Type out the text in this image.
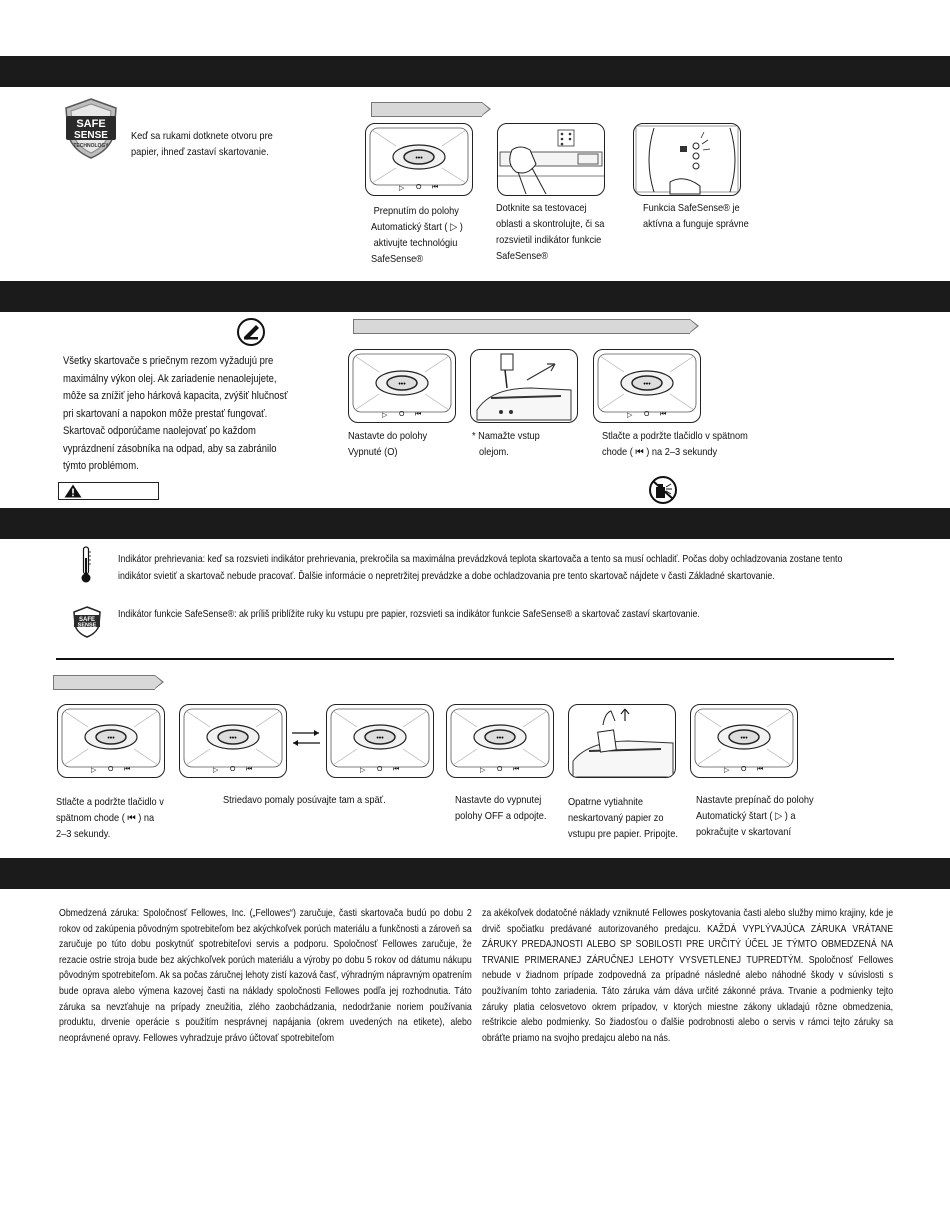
SAFE
SENSE
TECHNOLOGY
Keď sa rukami dotknete otvoru pre papier, ihneď zastaví skartovanie.
•••
▷ O ⏮
Prepnutím do polohy
Automatický štart ( ▷ )
aktivujte technológiu
SafeSense®
Dotknite sa testovacej
oblasti a skontrolujte, či sa
rozsvietil indikátor funkcie
SafeSense®
Funkcia SafeSense® je
aktívna a funguje správne
Všetky skartovače s priečnym rezom vyžadujú pre
maximálny výkon olej. Ak zariadenie nenaolejujete,
môže sa znížiť jeho hárková kapacita, zvýšiť hlučnosť
pri skartovaní a napokon môže prestať fungovať.
Skartovač odporúčame naolejovať po každom
vyprázdnení zásobníka na odpad, aby sa zabránilo
týmto problémom.
•••
▷ O ⏮
•••
▷ O ⏮
Nastavte do polohy
Vypnuté (O)
* Namažte vstup
olejom.
Stlačte a podržte tlačidlo v spätnom
chode ( ⏮ ) na 2–3 sekundy
Indikátor prehrievania: keď sa rozsvieti indikátor prehrievania, prekročila sa maximálna prevádzková teplota skartovača a tento sa musí ochladiť. Počas doby ochladzovania zostane tento
indikátor svietiť a skartovač nebude pracovať. Ďalšie informácie o nepretržitej prevádzke a dobe ochladzovania pre tento skartovač nájdete v časti Základné skartovanie.
SAFE
SENSE
Indikátor funkcie SafeSense®: ak príliš priblížite ruky ku vstupu pre papier, rozsvieti sa indikátor funkcie SafeSense® a skartovač zastaví skartovanie.
•••
▷ O ⏮
•••
▷ O ⏮
•••
▷ O ⏮
•••
▷ O ⏮
•••
▷ O ⏮
Stlačte a podržte tlačidlo v
spätnom chode ( ⏮ ) na
2–3 sekundy.
Striedavo pomaly posúvajte tam a späť.	Nastavte do vypnutej
polohy OFF a odpojte.
Opatrne vytiahnite
neskartovaný papier zo
vstupu pre papier. Pripojte.
Nastavte prepínač do polohy
Automatický štart ( ▷ ) a
pokračujte v skartovaní
Obmedzená záruka: Spoločnosť Fellowes, Inc. („Fellowes“) zaručuje, časti skartovača budú po dobu 2 rokov od zakúpenia pôvodným spotrebiteľom bez akýchkoľvek porúch materiálu a funkčnosti a zároveň sa zaručuje po túto dobu poskytnúť spotrebiteľovi servis a podporu. Spoločnosť Fellowes zaručuje, že rezacie ostrie stroja bude bez akýchkoľvek porúch materiálu a výroby po dobu 5 rokov od dátumu nákupu pôvodným spotrebiteľom. Ak sa počas záručnej lehoty zistí kazová časť, výhradným nápravným opatrením bude oprava alebo výmena kazovej časti na náklady spoločnosti Fellowes podľa jej rozhodnutia. Táto záruka sa nevzťahuje na prípady zneužitia, zlého zaobchádzania, nedodržanie noriem používania produktu, drvenie operácie s použitím nesprávnej napájania (okrem uvedených na etikete), alebo neoprávnené opravy. Fellowes vyhradzuje právo účtovať spotrebiteľom
za akékoľvek dodatočné náklady vzniknuté Fellowes poskytovania časti alebo služby mimo krajiny, kde je drvič spočiatku predávané autorizovaného predajcu. KAŽDÁ VYPLÝVAJÚCA ZÁRUKA VRÁTANE ZÁRUKY PREDAJNOSTI ALEBO SP SOBILOSTI PRE URČITÝ ÚČEL JE TÝMTO OBMEDZENÁ NA TRVANIE PRIMERANEJ ZÁRUČNEJ LEHOTY VYSVETLENEJ TUPREDTÝM. Spoločnosť Fellowes nebude v žiadnom prípade zodpovedná za prípadné následné alebo náhodné škody v súvislosti s používaním tohto zariadenia. Táto záruka vám dáva určité zákonné práva. Trvanie a podmienky tejto záruky platia celosvetovo okrem prípadov, v ktorých miestne zákony ukladajú rôzne obmedzenia, reštrikcie alebo podmienky. So žiadosťou o ďalšie podrobnosti alebo o servis v rámci tejto záruky sa obráťte priamo na svojho predajcu alebo na nás.
